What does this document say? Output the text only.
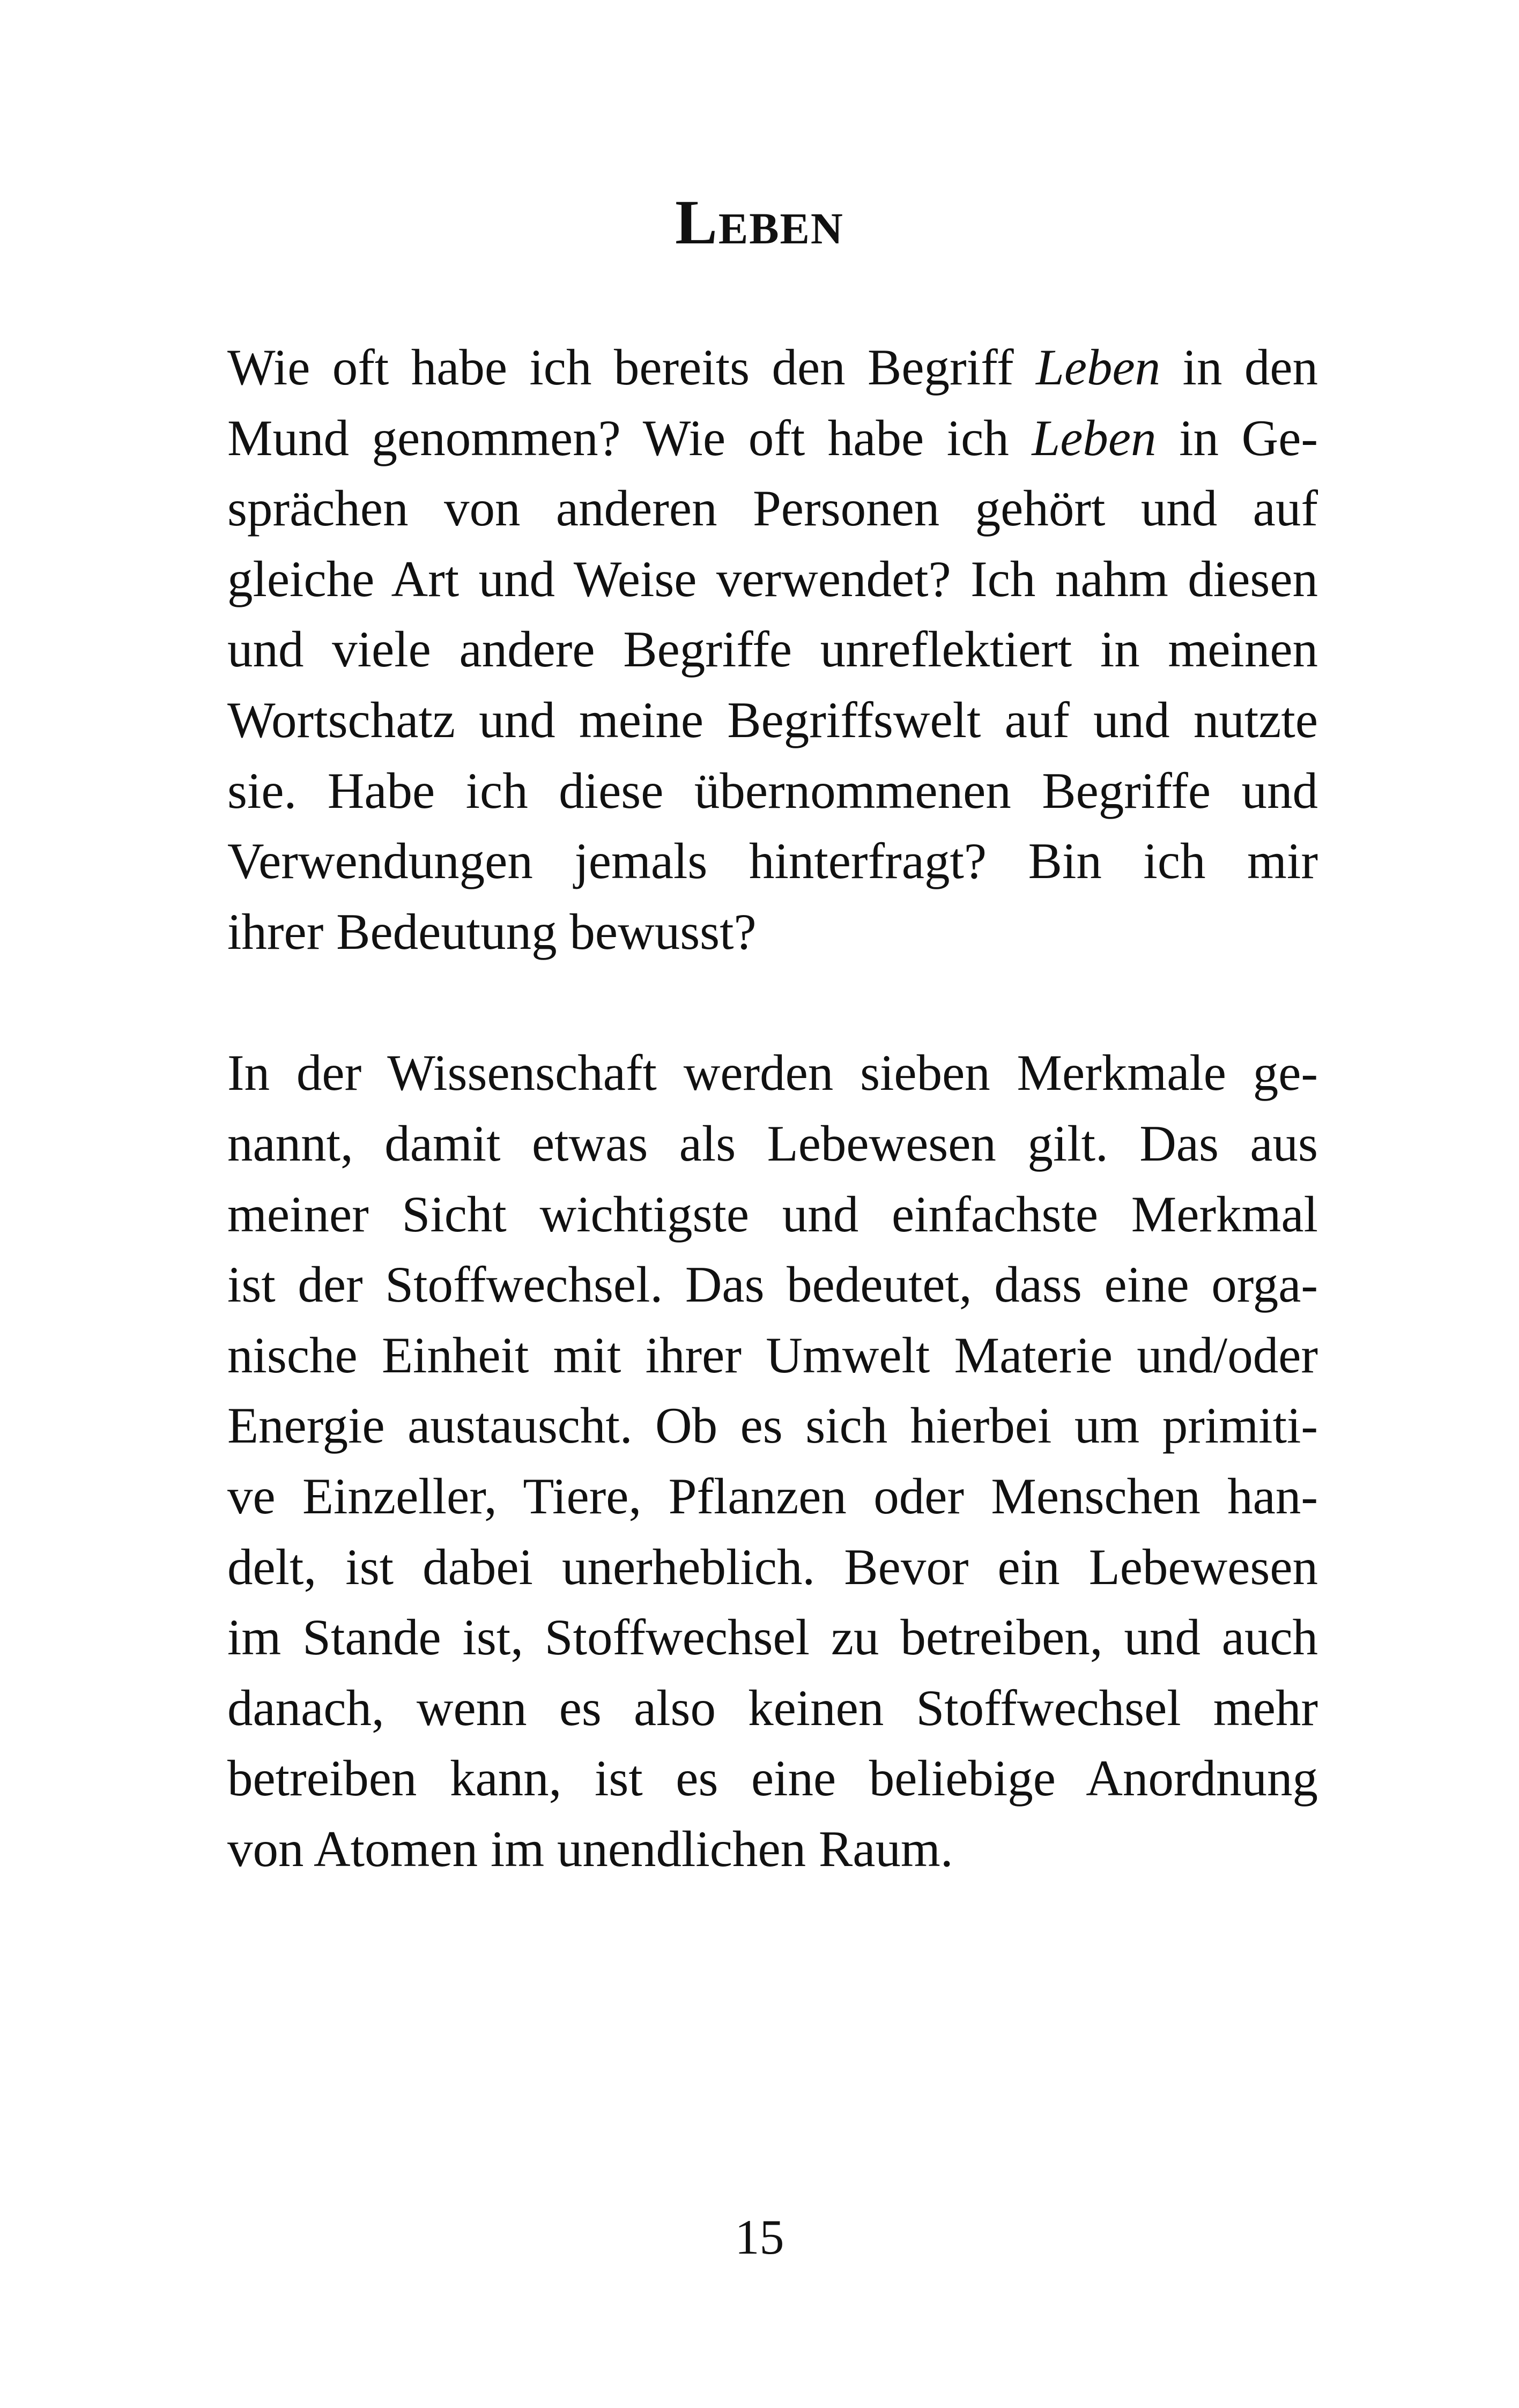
Leben

Wie oft habe ich bereits den Begriff Leben in den
Mund genommen? Wie oft habe ich Leben in Ge-
sprächen von anderen Personen gehört und auf
gleiche Art und Weise verwendet? Ich nahm diesen
und viele andere Begriffe unreflektiert in meinen
Wortschatz und meine Begriffswelt auf und nutzte
sie. Habe ich diese übernommenen Begriffe und
Verwendungen jemals hinterfragt? Bin ich mir
ihrer Bedeutung bewusst?

In der Wissenschaft werden sieben Merkmale ge-
nannt, damit etwas als Lebewesen gilt. Das aus
meiner Sicht wichtigste und einfachste Merkmal
ist der Stoffwechsel. Das bedeutet, dass eine orga-
nische Einheit mit ihrer Umwelt Materie und/oder
Energie austauscht. Ob es sich hierbei um primiti-
ve Einzeller, Tiere, Pflanzen oder Menschen han-
delt, ist dabei unerheblich. Bevor ein Lebewesen
im Stande ist, Stoffwechsel zu betreiben, und auch
danach, wenn es also keinen Stoffwechsel mehr
betreiben kann, ist es eine beliebige Anordnung
von Atomen im unendlichen Raum.

15
